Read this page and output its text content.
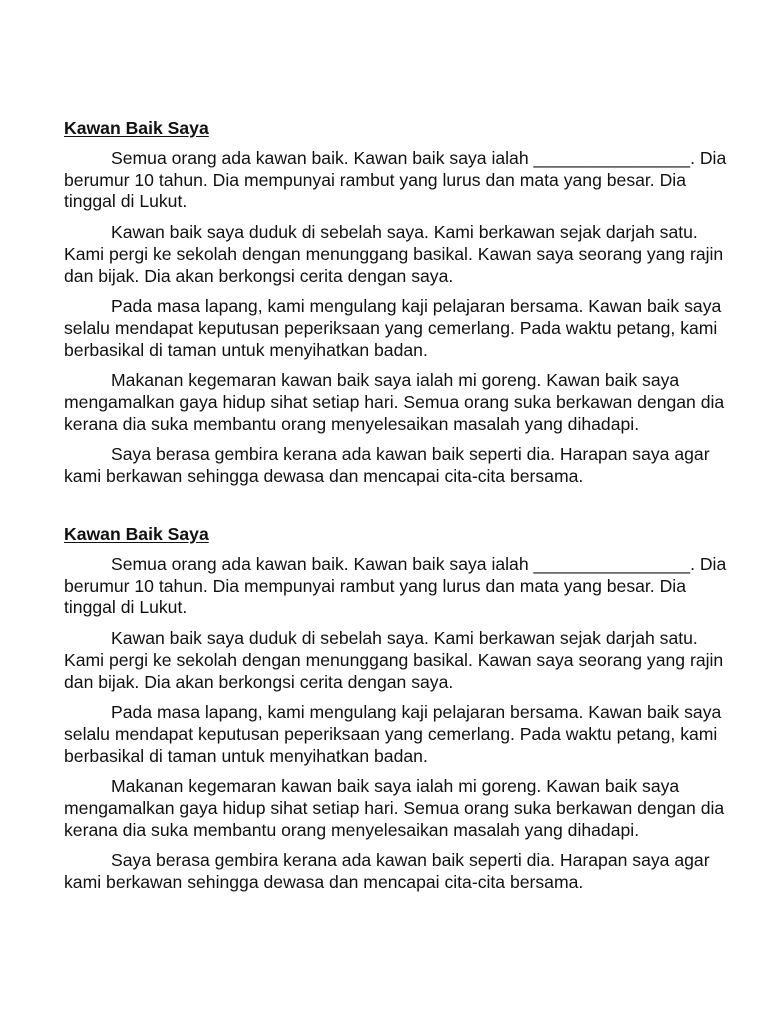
Kawan Baik Saya

Semua orang ada kawan baik. Kawan baik saya ialah ________________. Dia berumur 10 tahun. Dia mempunyai rambut yang lurus dan mata yang besar. Dia tinggal di Lukut.

Kawan baik saya duduk di sebelah saya. Kami berkawan sejak darjah satu. Kami pergi ke sekolah dengan menunggang basikal. Kawan saya seorang yang rajin dan bijak. Dia akan berkongsi cerita dengan saya.

Pada masa lapang, kami mengulang kaji pelajaran bersama. Kawan baik saya selalu mendapat keputusan peperiksaan yang cemerlang. Pada waktu petang, kami berbasikal di taman untuk menyihatkan badan.

Makanan kegemaran kawan baik saya ialah mi goreng. Kawan baik saya mengamalkan gaya hidup sihat setiap hari. Semua orang suka berkawan dengan dia kerana dia suka membantu orang menyelesaikan masalah yang dihadapi.

Saya berasa gembira kerana ada kawan baik seperti dia. Harapan saya agar kami berkawan sehingga dewasa dan mencapai cita-cita bersama.

Kawan Baik Saya

Semua orang ada kawan baik. Kawan baik saya ialah ________________. Dia berumur 10 tahun. Dia mempunyai rambut yang lurus dan mata yang besar. Dia tinggal di Lukut.

Kawan baik saya duduk di sebelah saya. Kami berkawan sejak darjah satu. Kami pergi ke sekolah dengan menunggang basikal. Kawan saya seorang yang rajin dan bijak. Dia akan berkongsi cerita dengan saya.

Pada masa lapang, kami mengulang kaji pelajaran bersama. Kawan baik saya selalu mendapat keputusan peperiksaan yang cemerlang. Pada waktu petang, kami berbasikal di taman untuk menyihatkan badan.

Makanan kegemaran kawan baik saya ialah mi goreng. Kawan baik saya mengamalkan gaya hidup sihat setiap hari. Semua orang suka berkawan dengan dia kerana dia suka membantu orang menyelesaikan masalah yang dihadapi.

Saya berasa gembira kerana ada kawan baik seperti dia. Harapan saya agar kami berkawan sehingga dewasa dan mencapai cita-cita bersama.
